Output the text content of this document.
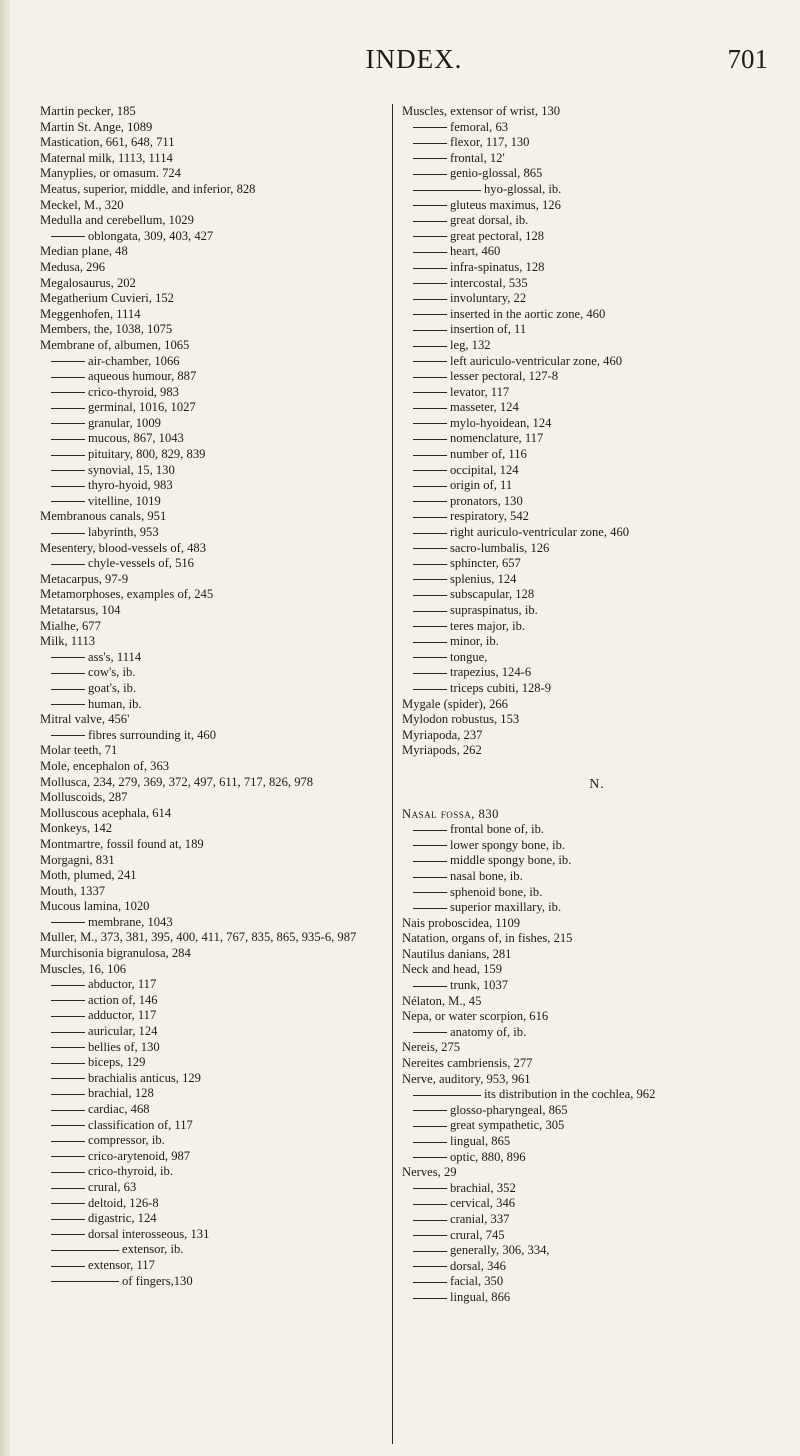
INDEX.	701
Martin pecker, 185
Martin St. Ange, 1089
Mastication, 661, 648, 711
Maternal milk, 1113, 1114
Manyplies, or omasum. 724
Meatus, superior, middle, and inferior, 828
Meckel, M., 320
Medulla and cerebellum, 1029
oblongata, 309, 403, 427
Median plane, 48
Medusa, 296
Megalosaurus, 202
Megatherium Cuvieri, 152
Meggenhofen, 1114
Members, the, 1038, 1075
Membrane of, albumen, 1065
air-chamber, 1066
aqueous humour, 887
crico-thyroid, 983
germinal, 1016, 1027
granular, 1009
mucous, 867, 1043
pituitary, 800, 829, 839
synovial, 15, 130
thyro-hyoid, 983
vitelline, 1019
Membranous canals, 951
labyrinth, 953
Mesentery, blood-vessels of, 483
chyle-vessels of, 516
Metacarpus, 97-9
Metamorphoses, examples of, 245
Metatarsus, 104
Mialhe, 677
Milk, 1113
ass's, 1114
cow's, ib.
goat's, ib.
human, ib.
Mitral valve, 456'
fibres surrounding it, 460
Molar teeth, 71
Mole, encephalon of, 363
Mollusca, 234, 279, 369, 372, 497, 611, 717, 826, 978
Molluscoids, 287
Molluscous acephala, 614
Monkeys, 142
Montmartre, fossil found at, 189
Morgagni, 831
Moth, plumed, 241
Mouth, 1337
Mucous lamina, 1020
membrane, 1043
Muller, M., 373, 381, 395, 400, 411, 767, 835, 865, 935-6, 987
Murchisonia bigranulosa, 284
Muscles, 16, 106
abductor, 117
action of, 146
adductor, 117
auricular, 124
bellies of, 130
biceps, 129
brachialis anticus, 129
brachial, 128
cardiac, 468
classification of, 117
compressor, ib.
crico-arytenoid, 987
crico-thyroid, ib.
crural, 63
deltoid, 126-8
digastric, 124
dorsal interosseous, 131
extensor, ib.
extensor, 117
of fingers,130
Muscles, extensor of wrist, 130
femoral, 63
flexor, 117, 130
frontal, 12'
genio-glossal, 865
hyo-glossal, ib.
gluteus maximus, 126
great dorsal, ib.
great pectoral, 128
heart, 460
infra-spinatus, 128
intercostal, 535
involuntary, 22
inserted in the aortic zone, 460
insertion of, 11
leg, 132
left auriculo-ventricular zone, 460
lesser pectoral, 127-8
levator, 117
masseter, 124
mylo-hyoidean, 124
nomenclature, 117
number of, 116
occipital, 124
origin of, 11
pronators, 130
respiratory, 542
right auriculo-ventricular zone, 460
sacro-lumbalis, 126
sphincter, 657
splenius, 124
subscapular, 128
supraspinatus, ib.
teres major, ib.
minor, ib.
tongue,
trapezius, 124-6
triceps cubiti, 128-9
Mygale (spider), 266
Mylodon robustus, 153
Myriapoda, 237
Myriapods, 262
N.
Nasal fossa, 830
frontal bone of, ib.
lower spongy bone, ib.
middle spongy bone, ib.
nasal bone, ib.
sphenoid bone, ib.
superior maxillary, ib.
Nais proboscidea, 1109
Natation, organs of, in fishes, 215
Nautilus danians, 281
Neck and head, 159
trunk, 1037
Nélaton, M., 45
Nepa, or water scorpion, 616
anatomy of, ib.
Nereis, 275
Nereites cambriensis, 277
Nerve, auditory, 953, 961
its distribution in the cochlea, 962
glosso-pharyngeal, 865
great sympathetic, 305
lingual, 865
optic, 880, 896
Nerves, 29
brachial, 352
cervical, 346
cranial, 337
crural, 745
generally, 306, 334,
dorsal, 346
facial, 350
lingual, 866
